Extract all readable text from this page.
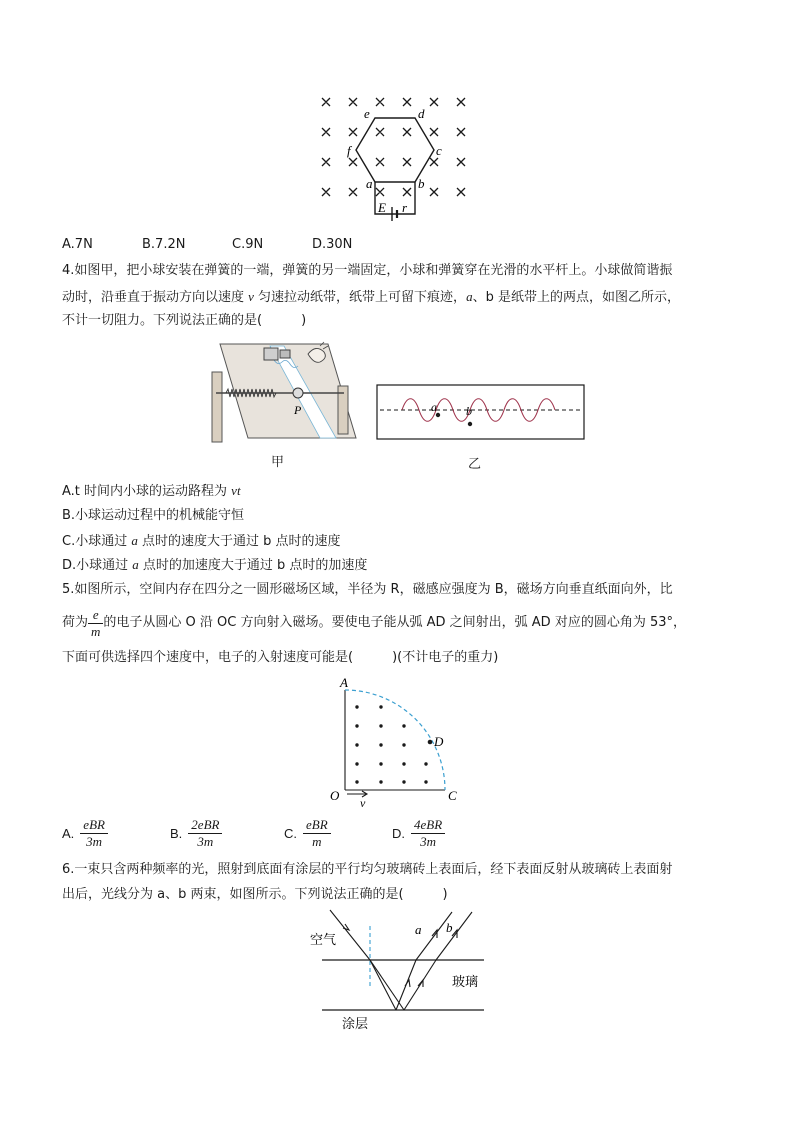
e	d
f	c
a	b
E r
A.7N	B.7.2N	C.9N	D.30N
4.如图甲，把小球安装在弹簧的一端，弹簧的另一端固定，小球和弹簧穿在光滑的水平杆上。小球做简谐振
动时，沿垂直于振动方向以速度 v 匀速拉动纸带，纸带上可留下痕迹，a、b 是纸带上的两点，如图乙所示，
不计一切阻力。下列说法正确的是(　　　)
P	a b
甲	乙
A.t 时间内小球的运动路程为 vt
B.小球运动过程中的机械能守恒
C.小球通过 a 点时的速度大于通过 b 点时的速度
D.小球通过 a 点时的加速度大于通过 b 点时的加速度
5.如图所示，空间内存在四分之一圆形磁场区域，半径为 R，磁感应强度为 B，磁场方向垂直纸面向外，比
荷为 $\frac{e}{m}$ 的电子从圆心 O 沿 OC 方向射入磁场。要使电子能从弧 AD 之间射出，弧 AD 对应的圆心角为 53°，
下面可供选择四个速度中，电子的入射速度可能是(　　　)(不计电子的重力)
A
D
O	C
v
A. $\frac{\text{eBR}}{3m}$	B. $\frac{\text{2eBR}}{3m}$	C. $\frac{\text{eBR}}{m}$	D. $\frac{\text{4eBR}}{3m}$
6.一束只含两种频率的光，照射到底面有涂层的平行均匀玻璃砖上表面后，经下表面反射从玻璃砖上表面射
出后，光线分为 a、b 两束，如图所示。下列说法正确的是(　　　)
空气
玻璃
涂层
a b
